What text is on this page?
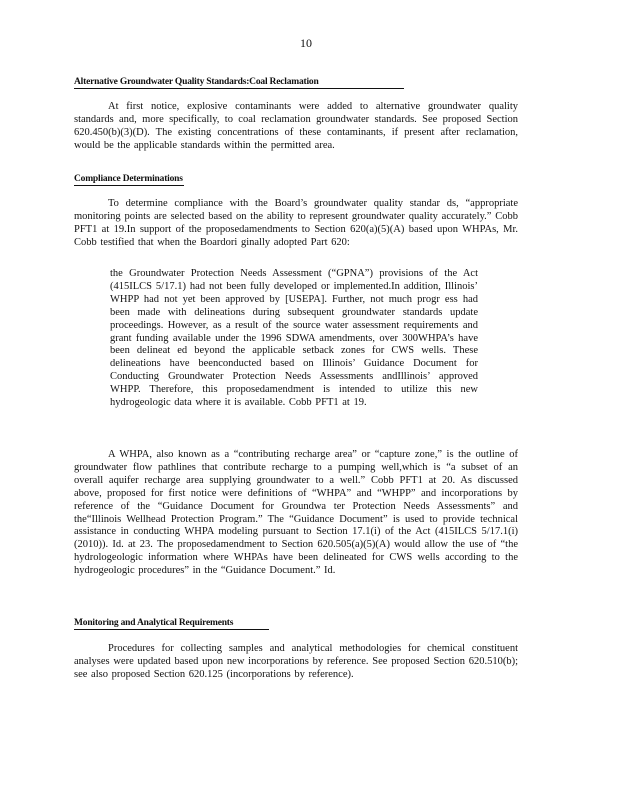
10
Alternative Groundwater Quality Standards:Coal Reclamation
At first notice, explosive contaminants were added to alternative groundwater quality standards and, more specifically, to coal reclamation groundwater standards. See proposed Section 620.450(b)(3)(D). The existing concentrations of these contaminants, if present after reclamation, would be the applicable standards within the permitted area.
Compliance Determinations
To determine compliance with the Board’s groundwater quality standar ds, “appropriate monitoring points are selected based on the ability to represent groundwater quality accurately.” Cobb PFT1 at 19.In support of the proposedamendments to Section 620(a)(5)(A) based upon WHPAs, Mr. Cobb testified that when the Boardori ginally adopted Part 620:
the Groundwater Protection Needs Assessment (“GPNA”) provisions of the Act (415ILCS 5/17.1) had not been fully developed or implemented.In addition, Illinois’ WHPP had not yet been approved by [USEPA]. Further, not much progr ess had been made with delineations during subsequent groundwater standards update proceedings. However, as a result of the source water assessment requirements and grant funding available under the 1996 SDWA amendments, over 300WHPA’s have been delineat ed beyond the applicable setback zones for CWS wells. These delineations have beenconducted based on Illinois’ Guidance Document for Conducting Groundwater Protection Needs Assessments andIllinois’ approved WHPP. Therefore, this proposedamendment is intended to utilize this new hydrogeologic data where it is available. Cobb PFT1 at 19.
A WHPA, also known as a “contributing recharge area” or “capture zone,” is the outline of groundwater flow pathlines that contribute recharge to a pumping well,which is “a subset of an overall aquifer recharge area supplying groundwater to a well.” Cobb PFT1 at 20. As discussed above, proposed for first notice were definitions of “WHPA” and “WHPP” and incorporations by reference of the “Guidance Document for Groundwa ter Protection Needs Assessments” and the“Illinois Wellhead Protection Program.” The “Guidance Document” is used to provide technical assistance in conducting WHPA modeling pursuant to Section 17.1(i) of the Act (415ILCS 5/17.1(i) (2010)). Id. at 23. The proposedamendment to Section 620.505(a)(5)(A) would allow the use of “the hydrologeologic information where WHPAs have been delineated for CWS wells according to the hydrogeologic procedures” in the “Guidance Document.” Id.
Monitoring and Analytical Requirements
Procedures for collecting samples and analytical methodologies for chemical constituent analyses were updated based upon new incorporations by reference. See proposed Section 620.510(b); see also proposed Section 620.125 (incorporations by reference).
